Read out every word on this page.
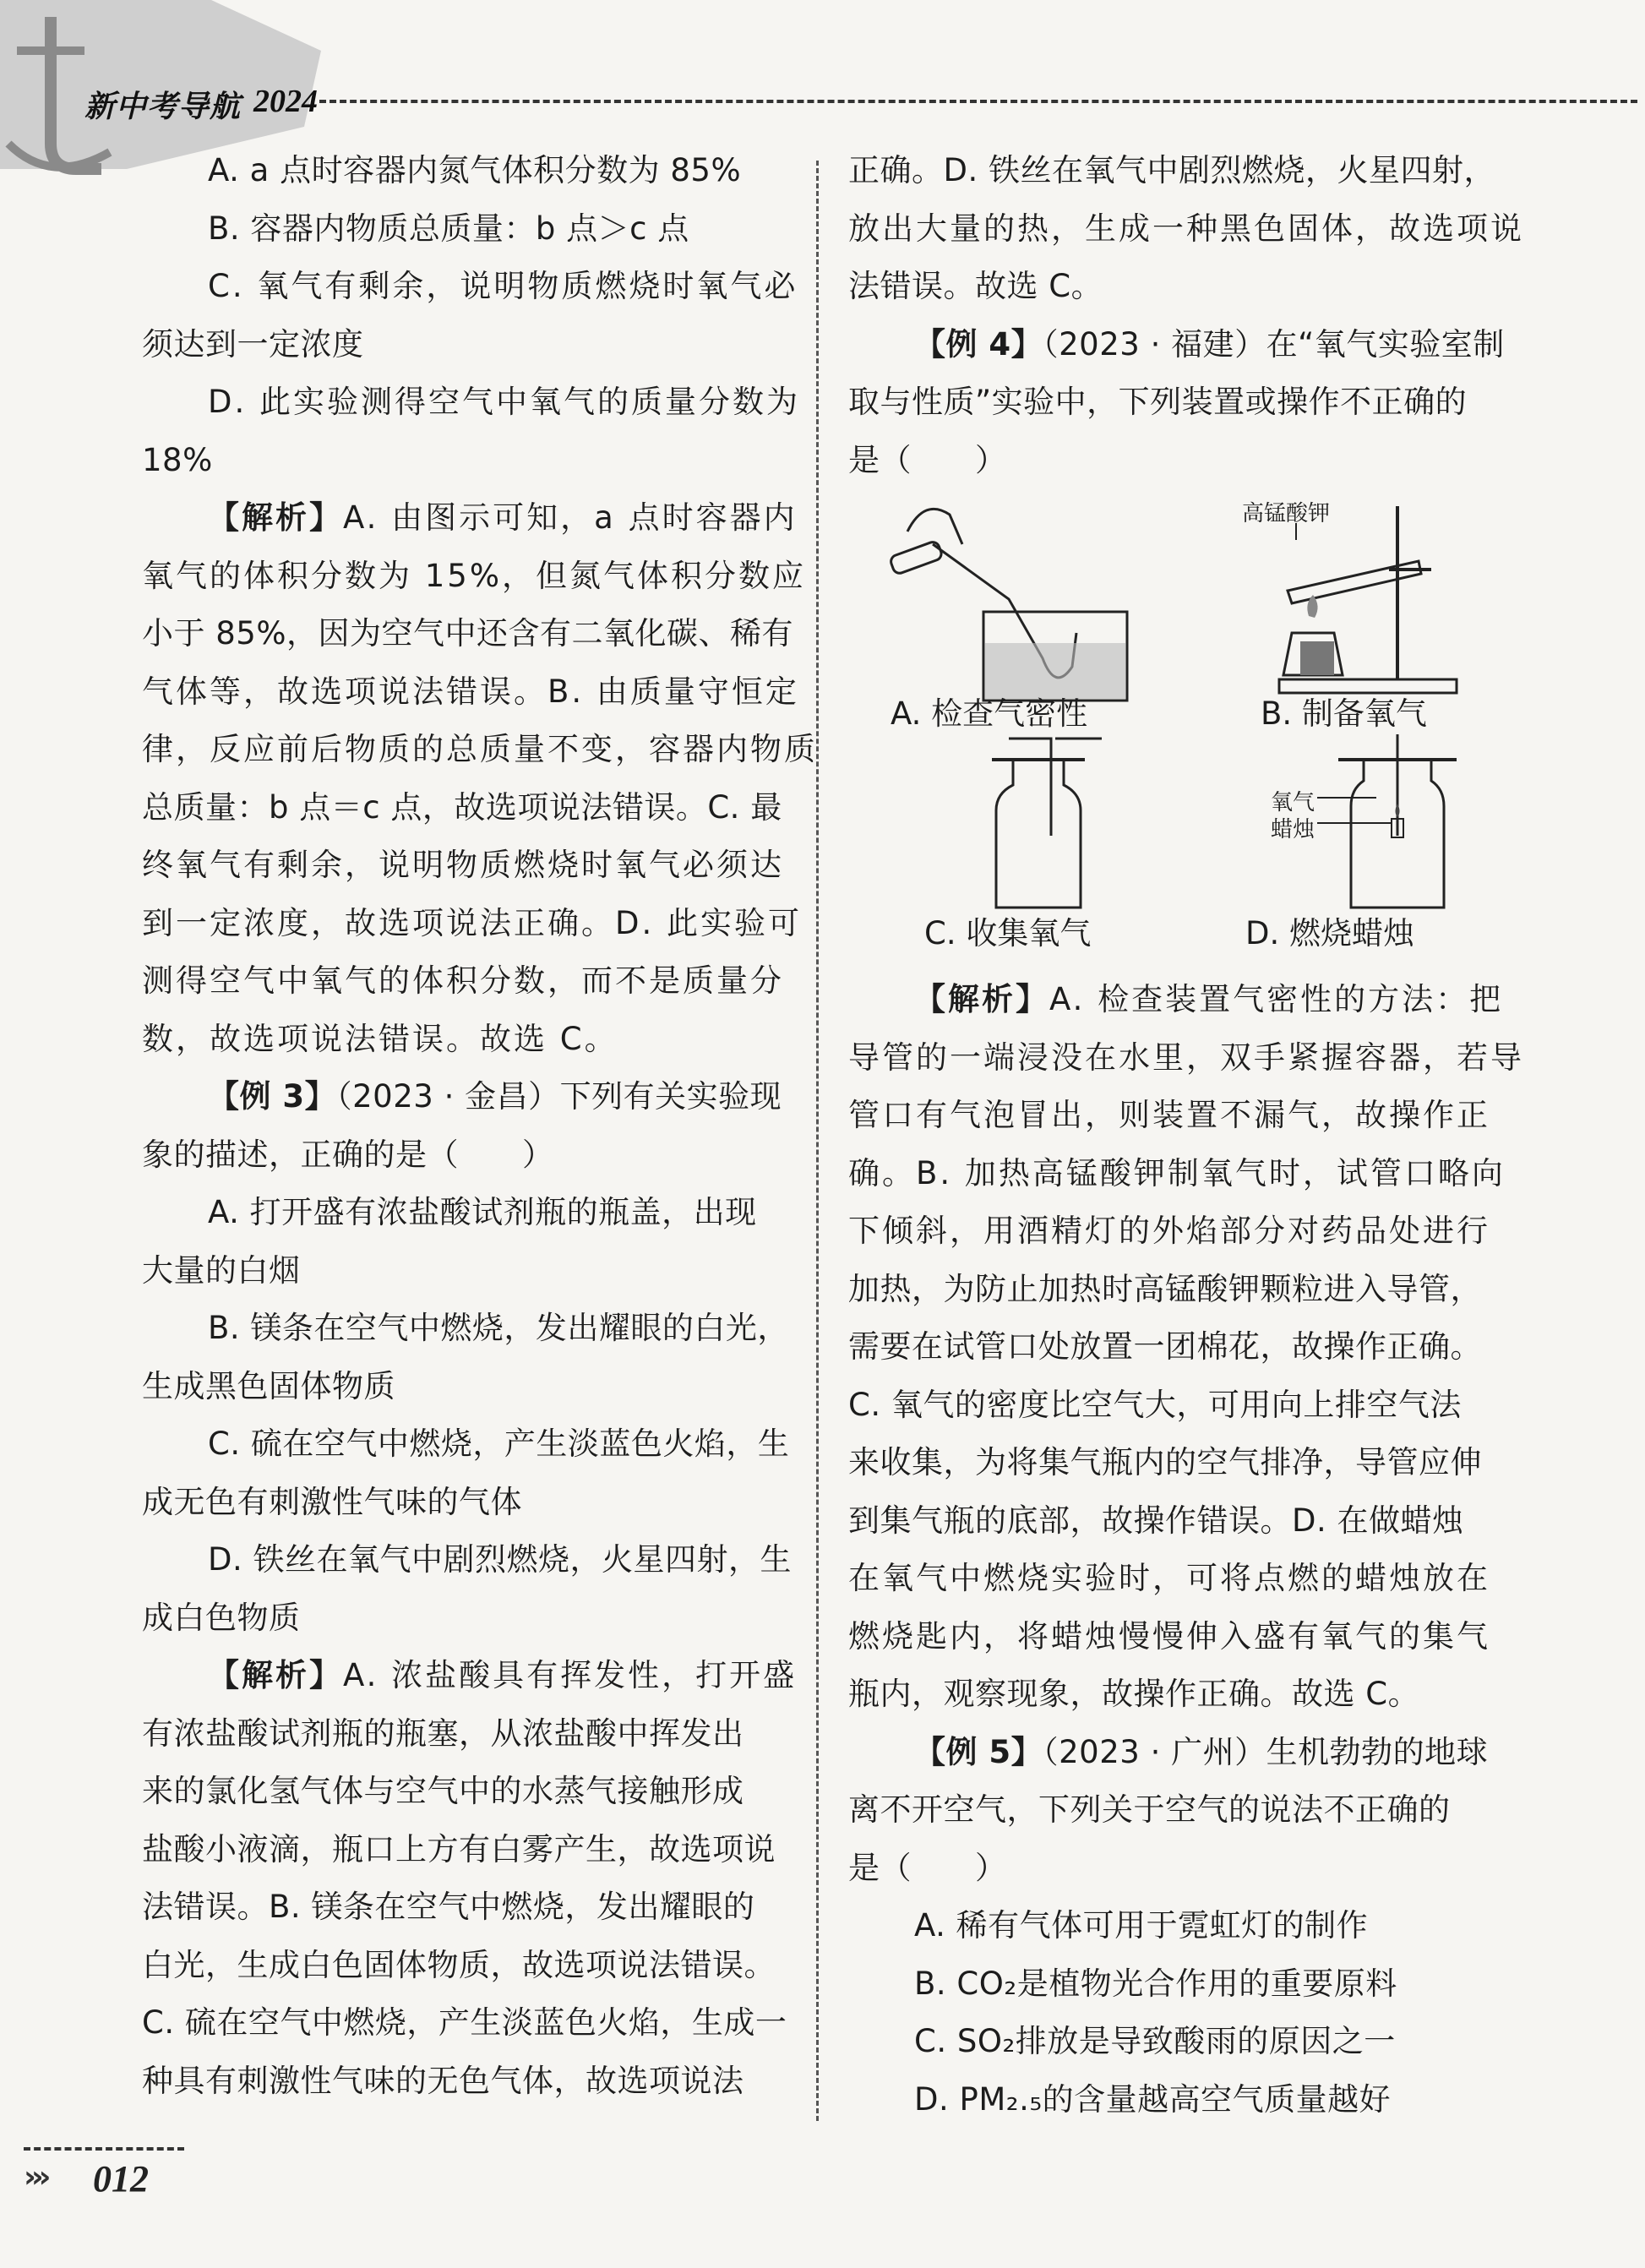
新中考导航 2024
A. a 点时容器内氮气体积分数为 85%
B. 容器内物质总质量：b 点＞c 点
C. 氧气有剩余，说明物质燃烧时氧气必
须达到一定浓度
D. 此实验测得空气中氧气的质量分数为
18%
【解析】A. 由图示可知，a 点时容器内
氧气的体积分数为 15%，但氮气体积分数应
小于 85%，因为空气中还含有二氧化碳、稀有
气体等，故选项说法错误。B. 由质量守恒定
律，反应前后物质的总质量不变，容器内物质
总质量：b 点＝c 点，故选项说法错误。C. 最
终氧气有剩余，说明物质燃烧时氧气必须达
到一定浓度，故选项说法正确。D. 此实验可
测得空气中氧气的体积分数，而不是质量分
数，故选项说法错误。故选 C。
【例 3】（2023 · 金昌）下列有关实验现
象的描述，正确的是（　　）
A. 打开盛有浓盐酸试剂瓶的瓶盖，出现
大量的白烟
B. 镁条在空气中燃烧，发出耀眼的白光，
生成黑色固体物质
C. 硫在空气中燃烧，产生淡蓝色火焰，生
成无色有刺激性气味的气体
D. 铁丝在氧气中剧烈燃烧，火星四射，生
成白色物质
【解析】A. 浓盐酸具有挥发性，打开盛
有浓盐酸试剂瓶的瓶塞，从浓盐酸中挥发出
来的氯化氢气体与空气中的水蒸气接触形成
盐酸小液滴，瓶口上方有白雾产生，故选项说
法错误。B. 镁条在空气中燃烧，发出耀眼的
白光，生成白色固体物质，故选项说法错误。
C. 硫在空气中燃烧，产生淡蓝色火焰，生成一
种具有刺激性气味的无色气体，故选项说法
正确。D. 铁丝在氧气中剧烈燃烧，火星四射，
放出大量的热，生成一种黑色固体，故选项说
法错误。故选 C。
【例 4】（2023 · 福建）在“氧气实验室制
取与性质”实验中，下列装置或操作不正确的
是（　　）
A. 检查气密性
高锰酸钾
B. 制备氧气
C. 收集氧气
氧气
蜡烛
D. 燃烧蜡烛
【解析】A. 检查装置气密性的方法：把
导管的一端浸没在水里，双手紧握容器，若导
管口有气泡冒出，则装置不漏气，故操作正
确。B. 加热高锰酸钾制氧气时，试管口略向
下倾斜，用酒精灯的外焰部分对药品处进行
加热，为防止加热时高锰酸钾颗粒进入导管，
需要在试管口处放置一团棉花，故操作正确。
C. 氧气的密度比空气大，可用向上排空气法
来收集，为将集气瓶内的空气排净，导管应伸
到集气瓶的底部，故操作错误。D. 在做蜡烛
在氧气中燃烧实验时，可将点燃的蜡烛放在
燃烧匙内，将蜡烛慢慢伸入盛有氧气的集气
瓶内，观察现象，故操作正确。故选 C。
【例 5】（2023 · 广州）生机勃勃的地球
离不开空气，下列关于空气的说法不正确的
是（　　）
A. 稀有气体可用于霓虹灯的制作
B. CO₂是植物光合作用的重要原料
C. SO₂排放是导致酸雨的原因之一
D. PM₂.₅的含量越高空气质量越好
››› 012
